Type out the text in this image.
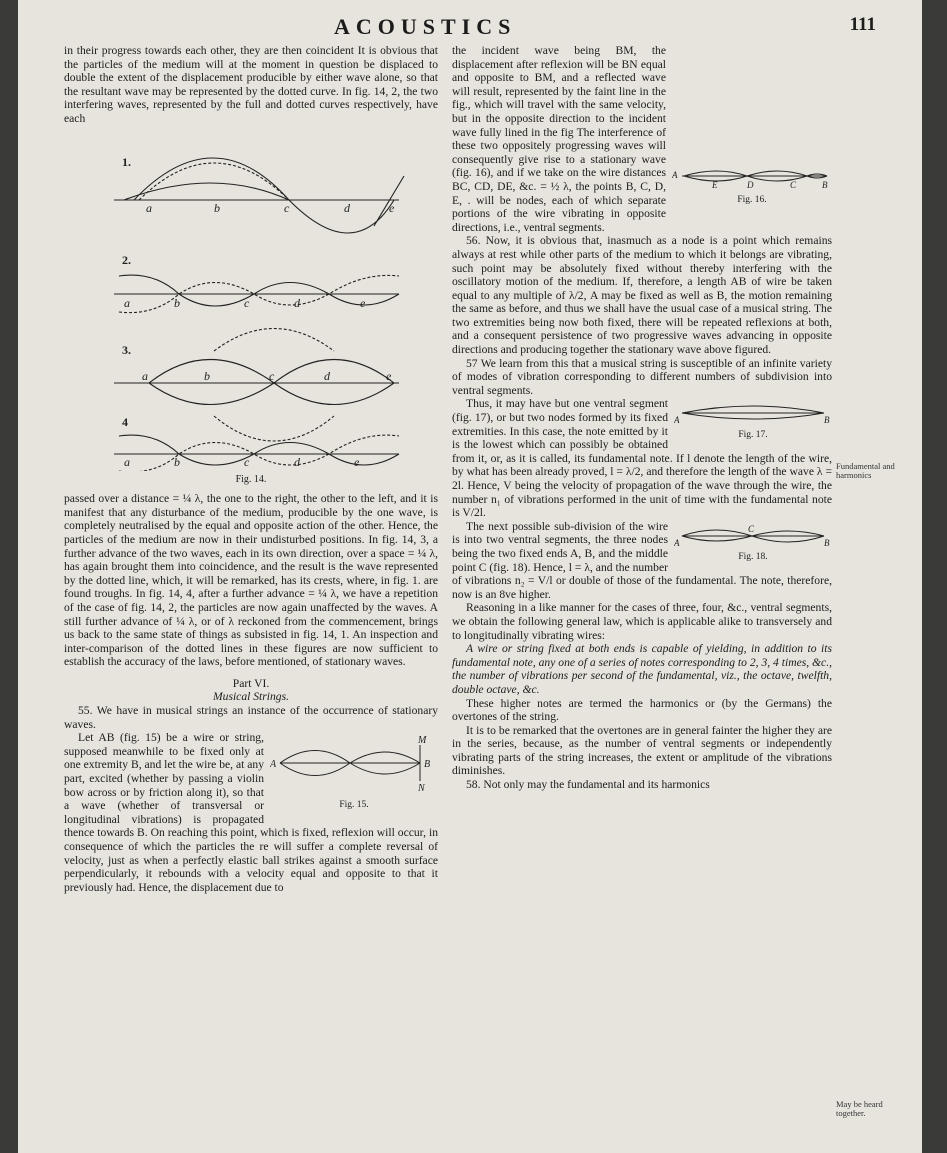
ACOUSTICS	111

in their progress towards each other, they are then coincident It is obvious that the particles of the medium will at the moment in question be displaced to double the extent of the displacement producible by either wave alone, so that the resultant wave may be represented by the dotted curve. In fig. 14, 2, the two interfering waves, represented by the full and dotted curves respectively, have each

1.
2.
3.
4
a	b	c	d	e
a	b	c	d	e
a	b	c	d	e
a	b	c	d	e
Fig. 14.

passed over a distance = ¼ λ, the one to the right, the other to the left, and it is manifest that any disturbance of the medium, producible by the one wave, is completely neutralised by the equal and opposite action of the other. Hence, the particles of the medium are now in their undisturbed positions. In fig. 14, 3, a further advance of the two waves, each in its own direction, over a space = ¼ λ, has again brought them into coincidence, and the result is the wave represented by the dotted line, which, it will be remarked, has its crests, where, in fig. 1. are found troughs. In fig. 14, 4, after a further advance = ¼ λ, we have a repetition of the case of fig. 14, 2, the particles are now again unaffected by the waves. A still further advance of ¼ λ, or of λ reckoned from the commencement, brings us back to the same state of things as subsisted in fig. 14, 1. An inspection and inter-comparison of the dotted lines in these figures are now sufficient to establish the accuracy of the laws, before mentioned, of stationary waves.

Part VI.

Musical Strings.

55. We have in musical strings an instance of the occurrence of stationary waves.

A	B
M
N
Fig. 15.

Let AB (fig. 15) be a wire or string, supposed meanwhile to be fixed only at one extremity B, and let the wire be, at any part, excited (whether by passing a violin bow across or by friction along it), so that a wave (whether of transversal or longitudinal vibrations) is propagated thence towards B. On reaching this point, which is fixed, reflexion will occur, in consequence of which the particles the re will suffer a complete reversal of velocity, just as when a perfectly elastic ball strikes against a smooth surface perpendicularly, it rebounds with a velocity equal and opposite to that it previously had. Hence, the displacement due to

A
E	D	C	B
Fig. 16.

the incident wave being BM, the displacement after reflexion will be BN equal and opposite to BM, and a reflected wave will result, represented by the faint line in the fig., which will travel with the same velocity, but in the opposite direction to the incident wave fully lined in the fig The interference of these two oppositely progressing waves will consequently give rise to a stationary wave (fig. 16), and if we take on the wire distances BC, CD, DE, &c. = ½ λ, the points B, C, D, E, . will be nodes, each of which separate portions of the wire vibrating in opposite directions, i.e., ventral segments.

56. Now, it is obvious that, inasmuch as a node is a point which remains always at rest while other parts of the medium to which it belongs are vibrating, such point may be absolutely fixed without thereby interfering with the oscillatory motion of the medium. If, therefore, a length AB of wire be taken equal to any multiple of λ/2, A may be fixed as well as B, the motion remaining the same as before, and thus we shall have the usual case of a musical string. The two extremities being now both fixed, there will be repeated reflexions at both, and a consequent persistence of two progressive waves advancing in opposite directions and producing together the stationary wave above figured.

57 We learn from this that a musical string is susceptible of an infinite variety of modes of vibration corresponding to different numbers of subdivision into ventral segments.

A	B
Fig. 17.

Thus, it may have but one ventral segment (fig. 17), or but two nodes formed by its fixed extremities. In this case, the note emitted by it is the lowest which can possibly be obtained from it, or, as it is called, its fundamental note. If l denote the length of the wire, by what has been already proved, l = λ/2, and therefore the length of the wave λ = 2l. Hence, V being the velocity of propagation of the wave through the wire, the number n₁ of vibrations performed in the unit of time with the fundamental note is V/2l.

A
C
B
Fig. 18.

The next possible sub-division of the wire is into two ventral segments, the three nodes being the two fixed ends A, B, and the middle point C (fig. 18). Hence, l = λ, and the number of vibrations n₂ = V/l or double of those of the fundamental. The note, therefore, now is an 8ve higher.

Reasoning in a like manner for the cases of three, four, &c., ventral segments, we obtain the following general law, which is applicable alike to transversely and to longitudinally vibrating wires:

A wire or string fixed at both ends is capable of yielding, in addition to its fundamental note, any one of a series of notes corresponding to 2, 3, 4 times, &c., the number of vibrations per second of the fundamental, viz., the octave, twelfth, double octave, &c.

These higher notes are termed the harmonics or (by the Germans) the overtones of the string.

It is to be remarked that the overtones are in general fainter the higher they are in the series, because, as the number of ventral segments or independently vibrating parts of the string increases, the extent or amplitude of the vibrations diminishes.

58. Not only may the fundamental and its harmonics

Fundamental and harmonics
May be heard together.
